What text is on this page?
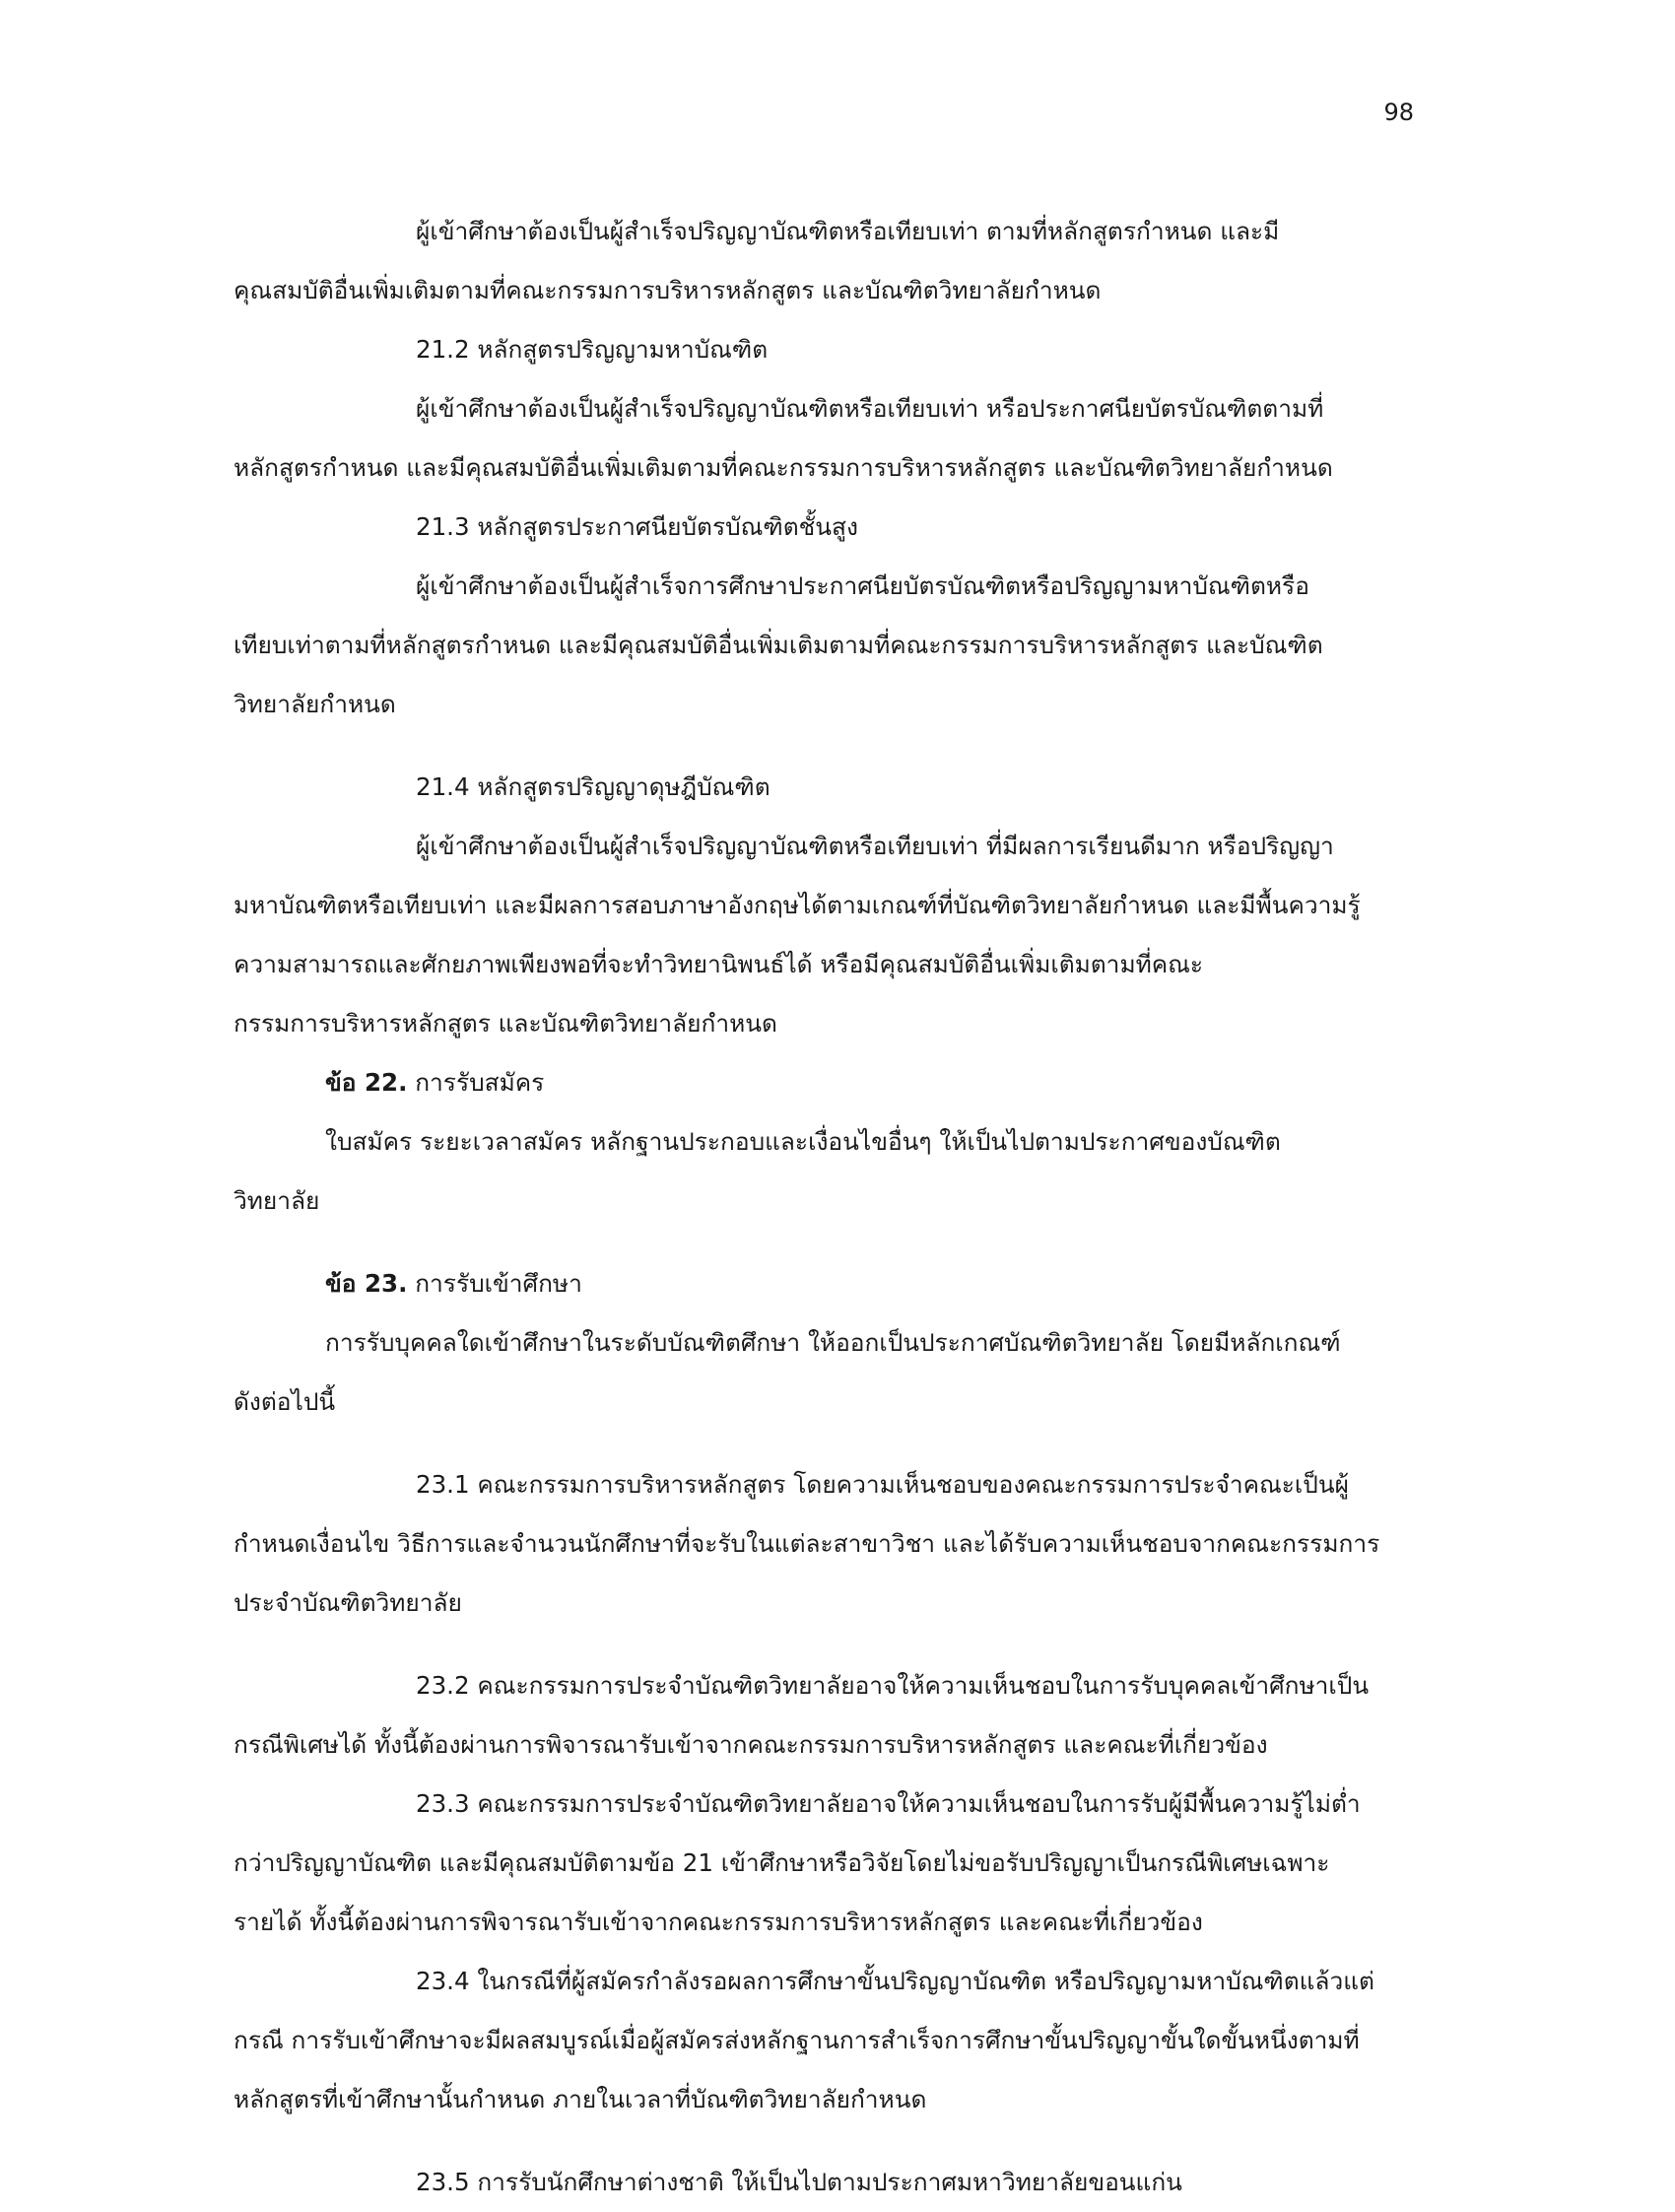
98
ผู้เข้าศึกษาต้องเป็นผู้สำเร็จปริญญาบัณฑิตหรือเทียบเท่า ตามที่หลักสูตรกำหนด และมี
คุณสมบัติอื่นเพิ่มเติมตามที่คณะกรรมการบริหารหลักสูตร และบัณฑิตวิทยาลัยกำหนด
21.2 หลักสูตรปริญญามหาบัณฑิต
ผู้เข้าศึกษาต้องเป็นผู้สำเร็จปริญญาบัณฑิตหรือเทียบเท่า หรือประกาศนียบัตรบัณฑิตตามที่
หลักสูตรกำหนด และมีคุณสมบัติอื่นเพิ่มเติมตามที่คณะกรรมการบริหารหลักสูตร และบัณฑิตวิทยาลัยกำหนด
21.3 หลักสูตรประกาศนียบัตรบัณฑิตชั้นสูง
ผู้เข้าศึกษาต้องเป็นผู้สำเร็จการศึกษาประกาศนียบัตรบัณฑิตหรือปริญญามหาบัณฑิตหรือ
เทียบเท่าตามที่หลักสูตรกำหนด และมีคุณสมบัติอื่นเพิ่มเติมตามที่คณะกรรมการบริหารหลักสูตร และบัณฑิต
วิทยาลัยกำหนด
21.4 หลักสูตรปริญญาดุษฎีบัณฑิต
ผู้เข้าศึกษาต้องเป็นผู้สำเร็จปริญญาบัณฑิตหรือเทียบเท่า ที่มีผลการเรียนดีมาก หรือปริญญา
มหาบัณฑิตหรือเทียบเท่า และมีผลการสอบภาษาอังกฤษได้ตามเกณฑ์ที่บัณฑิตวิทยาลัยกำหนด และมีพื้นความรู้
ความสามารถและศักยภาพเพียงพอที่จะทำวิทยานิพนธ์ได้ หรือมีคุณสมบัติอื่นเพิ่มเติมตามที่คณะ
กรรมการบริหารหลักสูตร และบัณฑิตวิทยาลัยกำหนด
ข้อ 22. การรับสมัคร
ใบสมัคร ระยะเวลาสมัคร หลักฐานประกอบและเงื่อนไขอื่นๆ ให้เป็นไปตามประกาศของบัณฑิต
วิทยาลัย
ข้อ 23. การรับเข้าศึกษา
การรับบุคคลใดเข้าศึกษาในระดับบัณฑิตศึกษา ให้ออกเป็นประกาศบัณฑิตวิทยาลัย โดยมีหลักเกณฑ์
ดังต่อไปนี้
23.1 คณะกรรมการบริหารหลักสูตร โดยความเห็นชอบของคณะกรรมการประจำคณะเป็นผู้
กำหนดเงื่อนไข วิธีการและจำนวนนักศึกษาที่จะรับในแต่ละสาขาวิชา และได้รับความเห็นชอบจากคณะกรรมการ
ประจำบัณฑิตวิทยาลัย
23.2 คณะกรรมการประจำบัณฑิตวิทยาลัยอาจให้ความเห็นชอบในการรับบุคคลเข้าศึกษาเป็น
กรณีพิเศษได้ ทั้งนี้ต้องผ่านการพิจารณารับเข้าจากคณะกรรมการบริหารหลักสูตร และคณะที่เกี่ยวข้อง
23.3 คณะกรรมการประจำบัณฑิตวิทยาลัยอาจให้ความเห็นชอบในการรับผู้มีพื้นความรู้ไม่ต่ำ
กว่าปริญญาบัณฑิต และมีคุณสมบัติตามข้อ 21 เข้าศึกษาหรือวิจัยโดยไม่ขอรับปริญญาเป็นกรณีพิเศษเฉพาะ
รายได้ ทั้งนี้ต้องผ่านการพิจารณารับเข้าจากคณะกรรมการบริหารหลักสูตร และคณะที่เกี่ยวข้อง
23.4 ในกรณีที่ผู้สมัครกำลังรอผลการศึกษาขั้นปริญญาบัณฑิต หรือปริญญามหาบัณฑิตแล้วแต่
กรณี การรับเข้าศึกษาจะมีผลสมบูรณ์เมื่อผู้สมัครส่งหลักฐานการสำเร็จการศึกษาขั้นปริญญาขั้นใดขั้นหนึ่งตามที่
หลักสูตรที่เข้าศึกษานั้นกำหนด ภายในเวลาที่บัณฑิตวิทยาลัยกำหนด
23.5 การรับนักศึกษาต่างชาติ ให้เป็นไปตามประกาศมหาวิทยาลัยขอนแก่น
